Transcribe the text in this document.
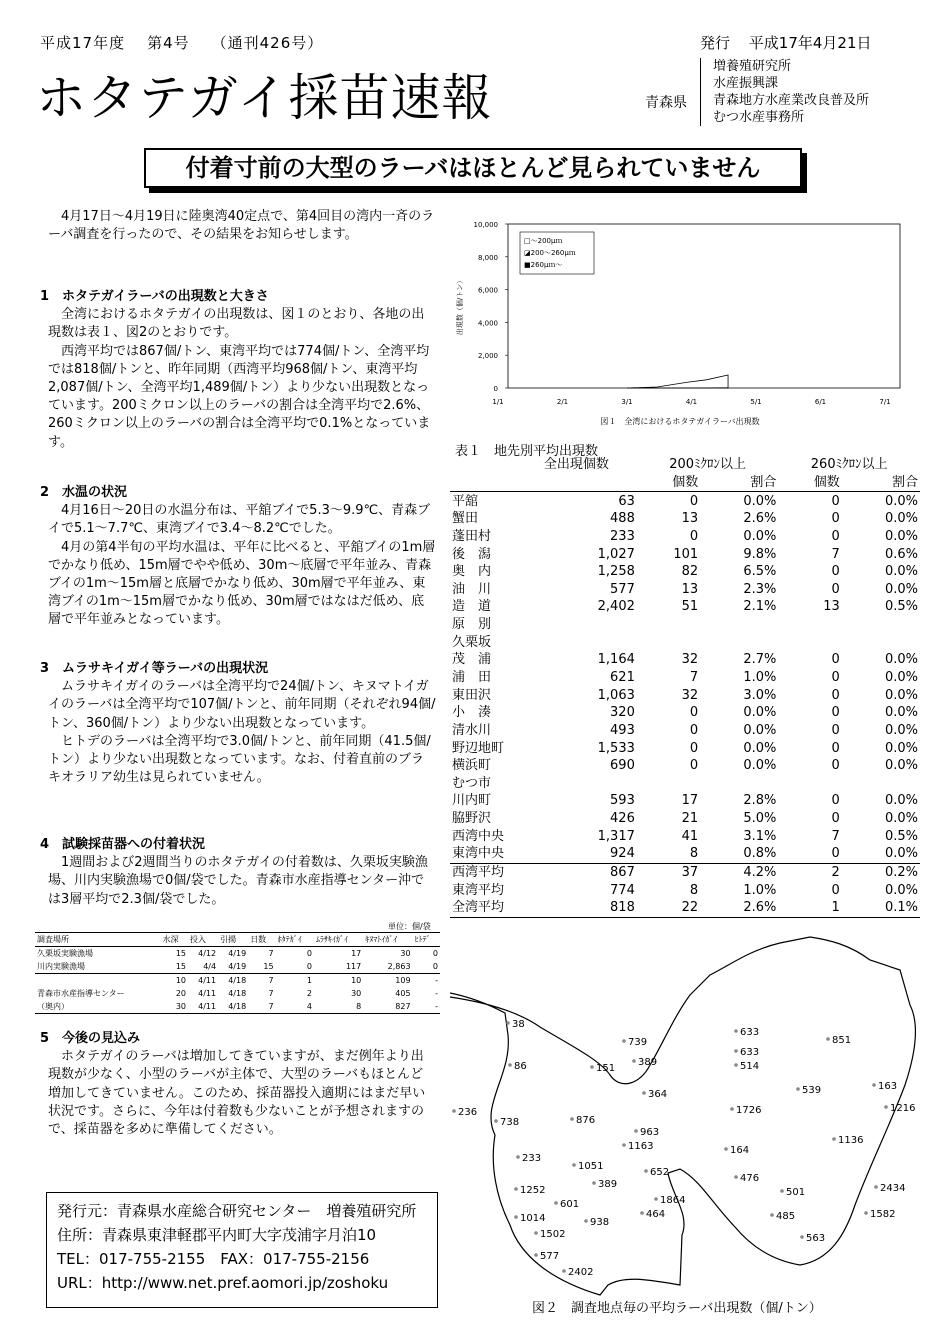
平成17年度 第4号 （通刊426号）	発行 平成17年4月21日
ホタテガイ採苗速報	青森県
増養殖研究所
水産振興課
青森地方水産業改良普及所
むつ水産事務所
付着寸前の大型のラーバはほとんど見られていません

4月17日～4月19日に陸奥湾40定点で、第4回目の湾内一斉のラーバ調査を行ったので、その結果をお知らせします。

1　ホタテガイラーバの出現数と大きさ

全湾におけるホタテガイの出現数は、図１のとおり、各地の出現数は表１、図2のとおりです。

西湾平均では867個/トン、東湾平均では774個/トン、全湾平均では818個/トンと、昨年同期（西湾平均968個/トン、東湾平均2,087個/トン、全湾平均1,489個/トン）より少ない出現数となっています。200ミクロン以上のラーバの割合は全湾平均で2.6%、260ミクロン以上のラーバの割合は全湾平均で0.1%となっています。

2　水温の状況

4月16日～20日の水温分布は、平舘ブイで5.3～9.9℃、青森ブイで5.1～7.7℃、東湾ブイで3.4～8.2℃でした。

4月の第4半旬の平均水温は、平年に比べると、平舘ブイの1m層でかなり低め、15m層でやや低め、30m～底層で平年並み、青森ブイの1m～15m層と底層でかなり低め、30m層で平年並み、東湾ブイの1m～15m層でかなり低め、30m層ではなはだ低め、底層で平年並みとなっています。

3　ムラサキイガイ等ラーバの出現状況

ムラサキイガイのラーバは全湾平均で24個/トン、キヌマトイガイのラーバは全湾平均で107個/トンと、前年同期（それぞれ94個/トン、360個/トン）より少ない出現数となっています。

ヒトデのラーバは全湾平均で3.0個/トンと、前年同期（41.5個/トン）より少ない出現数となっています。なお、付着直前のブラキオラリア幼生は見られていません。

4　試験採苗器への付着状況

1週間および2週間当りのホタテガイの付着数は、久栗坂実験漁場、川内実験漁場で0個/袋でした。青森市水産指導センター沖では3層平均で2.3個/袋でした。

単位：個/袋
調査場所	水深	投入	引揚	日数	ﾎﾀﾃｶﾞｲ	ﾑﾗｻｷｲｶﾞｲ	ｷﾇﾏﾄｲｶﾞｲ	ﾋﾄﾃﾞ
久栗坂実験漁場	15	4/12	4/19	7	0	17	30	0
川内実験漁場	15	4/4	4/19	15	0	117	2,863	0
	10	4/11	4/18	7	1	10	109	-
青森市水産指導センター	20	4/11	4/18	7	2	30	405	-
（奥内）	30	4/11	4/18	7	4	8	827	-
5　今後の見込み

ホタテガイのラーバは増加してきていますが、まだ例年より出現数が少なく、小型のラーバが主体で、大型のラーバもほとんど増加してきていません。このため、採苗器投入適期にはまだ早い状況です。さらに、今年は付着数も少ないことが予想されますので、採苗器を多めに準備してください。

発行元：青森県水産総合研究センター　増養殖研究所
住所：青森県東津軽郡平内町大字茂浦字月泊10
TEL：017-755-2155　FAX：017-755-2156
URL：http://www.net.pref.aomori.jp/zoshoku
0
2,000
4,000
6,000
8,000
10,000
1/1	2/1	3/1	4/1	5/1	6/1	7/1
出現数（個/トン）
図１　全湾におけるホタテガイラーバ出現数
□～200μｍ
◪200～260μｍ
■260μｍ～
表１　地先別平均出現数
	全出現個数	200ﾐｸﾛﾝ以上		260ﾐｸﾛﾝ以上	
		個数	割合	個数	割合
平舘	63	0	0.0%	0	0.0%
蟹田	488	13	2.6%	0	0.0%
蓬田村	233	0	0.0%	0	0.0%
後　潟	1,027	101	9.8%	7	0.6%
奥　内	1,258	82	6.5%	0	0.0%
油　川	577	13	2.3%	0	0.0%
造　道	2,402	51	2.1%	13	0.5%
原　別					
久栗坂					
茂　浦	1,164	32	2.7%	0	0.0%
浦　田	621	7	1.0%	0	0.0%
東田沢	1,063	32	3.0%	0	0.0%
小　湊	320	0	0.0%	0	0.0%
清水川	493	0	0.0%	0	0.0%
野辺地町	1,533	0	0.0%	0	0.0%
横浜町	690	0	0.0%	0	0.0%
むつ市					
川内町	593	17	2.8%	0	0.0%
脇野沢	426	21	5.0%	0	0.0%
西湾中央	1,317	41	3.1%	7	0.5%
東湾中央	924	8	0.8%	0	0.0%
西湾平均	867	37	4.2%	2	0.2%
東湾平均	774	8	1.0%	0	0.0%
全湾平均	818	22	2.6%	1	0.1%
38
86
236
738
233
1252
1014
1502
577
2402
151
739
389
876
364
963
1163
1051
389
601
938
652
1864
464
633
633
514
1726
164
476
501
485
563
539
851
163
1216
1136
2434
1582
図２　調査地点毎の平均ラーバ出現数（個/トン）
